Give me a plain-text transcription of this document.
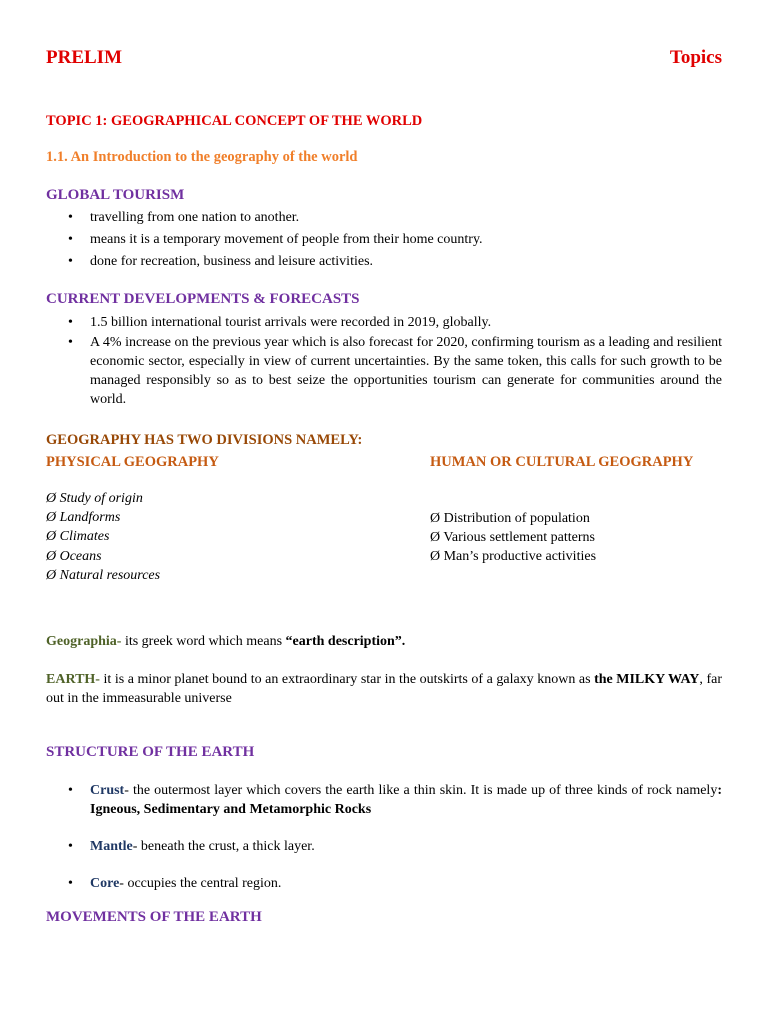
PRELIM	Topics
TOPIC 1: GEOGRAPHICAL CONCEPT OF THE WORLD
1.1. An Introduction to the geography of the world
GLOBAL TOURISM
• travelling from one nation to another.
• means it is a temporary movement of people from their home country.
• done for recreation, business and leisure activities.
CURRENT DEVELOPMENTS & FORECASTS
• 1.5 billion international tourist arrivals were recorded in 2019, globally.
• A 4% increase on the previous year which is also forecast for 2020, confirming tourism as a leading and resilient economic sector, especially in view of current uncertainties. By the same token, this calls for such growth to be managed responsibly so as to best seize the opportunities tourism can generate for communities around the world.
GEOGRAPHY HAS TWO DIVISIONS NAMELY:
PHYSICAL GEOGRAPHY	HUMAN OR CULTURAL GEOGRAPHY
Ø Study of origin
Ø Landforms
Ø Climates
Ø Oceans
Ø Natural resources
Ø Distribution of population
Ø Various settlement patterns
Ø Man’s productive activities
Geographia- its greek word which means “earth description”.
EARTH- it is a minor planet bound to an extraordinary star in the outskirts of a galaxy known as the MILKY WAY, far out in the immeasurable universe
STRUCTURE OF THE EARTH
• Crust- the outermost layer which covers the earth like a thin skin. It is made up of three kinds of rock namely: Igneous, Sedimentary and Metamorphic Rocks
• Mantle- beneath the crust, a thick layer.
• Core- occupies the central region.
MOVEMENTS OF THE EARTH
